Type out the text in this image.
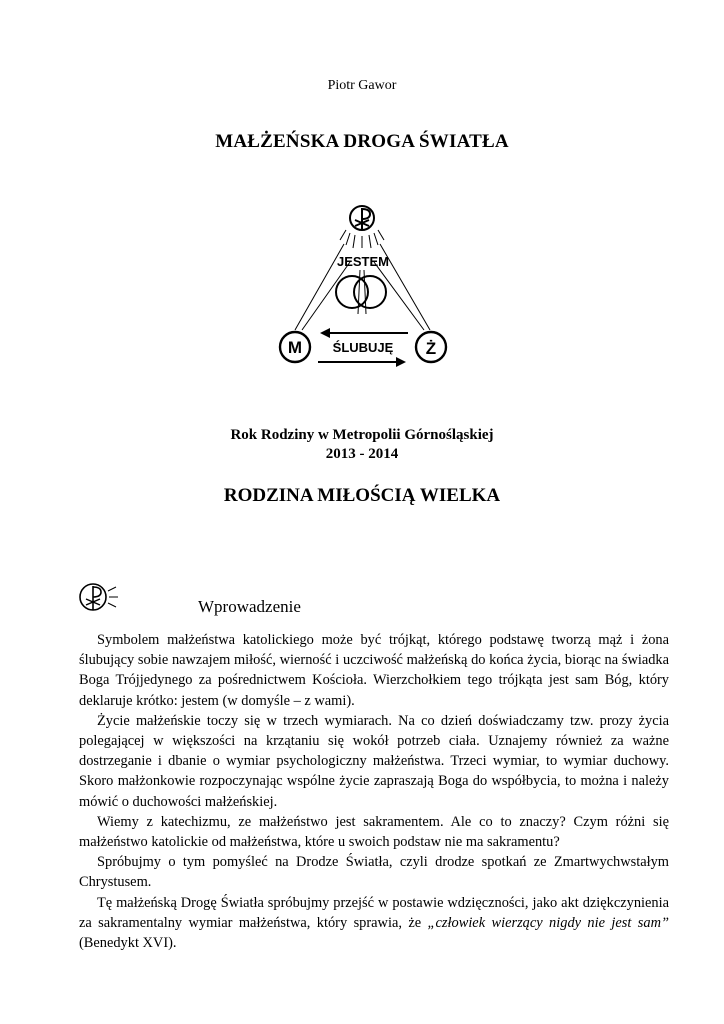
Piotr Gawor
MAŁŻEŃSKA DROGA ŚWIATŁA
JESTEM
M	Ż
ŚLUBUJĘ
Rok Rodziny w Metropolii Górnośląskiej
2013 - 2014
RODZINA MIŁOŚCIĄ WIELKA
Wprowadzenie

Symbolem małżeństwa katolickiego może być trójkąt, którego podstawę tworzą mąż i żona ślubujący sobie nawzajem miłość, wierność i uczciwość małżeńską do końca życia, biorąc na świadka Boga Trójjedynego za pośrednictwem Kościoła. Wierzchołkiem tego trójkąta jest sam Bóg, który deklaruje krótko: jestem (w domyśle – z wami).

Życie małżeńskie toczy się w trzech wymiarach. Na co dzień doświadczamy tzw. prozy życia polegającej w większości na krzątaniu się wokół potrzeb ciała. Uznajemy również za ważne dostrzeganie i dbanie o wymiar psychologiczny małżeństwa. Trzeci wymiar, to wymiar duchowy. Skoro małżonkowie rozpoczynając wspólne życie zapraszają Boga do współbycia, to można i należy mówić o duchowości małżeńskiej.

Wiemy z katechizmu, ze małżeństwo jest sakramentem. Ale co to znaczy? Czym różni się małżeństwo katolickie od małżeństwa, które u swoich podstaw nie ma sakramentu?

Spróbujmy o tym pomyśleć na Drodze Światła, czyli drodze spotkań ze Zmartwychwstałym Chrystusem.

Tę małżeńską Drogę Światła spróbujmy przejść w postawie wdzięczności, jako akt dziękczynienia za sakramentalny wymiar małżeństwa, który sprawia, że „człowiek wierzący nigdy nie jest sam” (Benedykt XVI).
